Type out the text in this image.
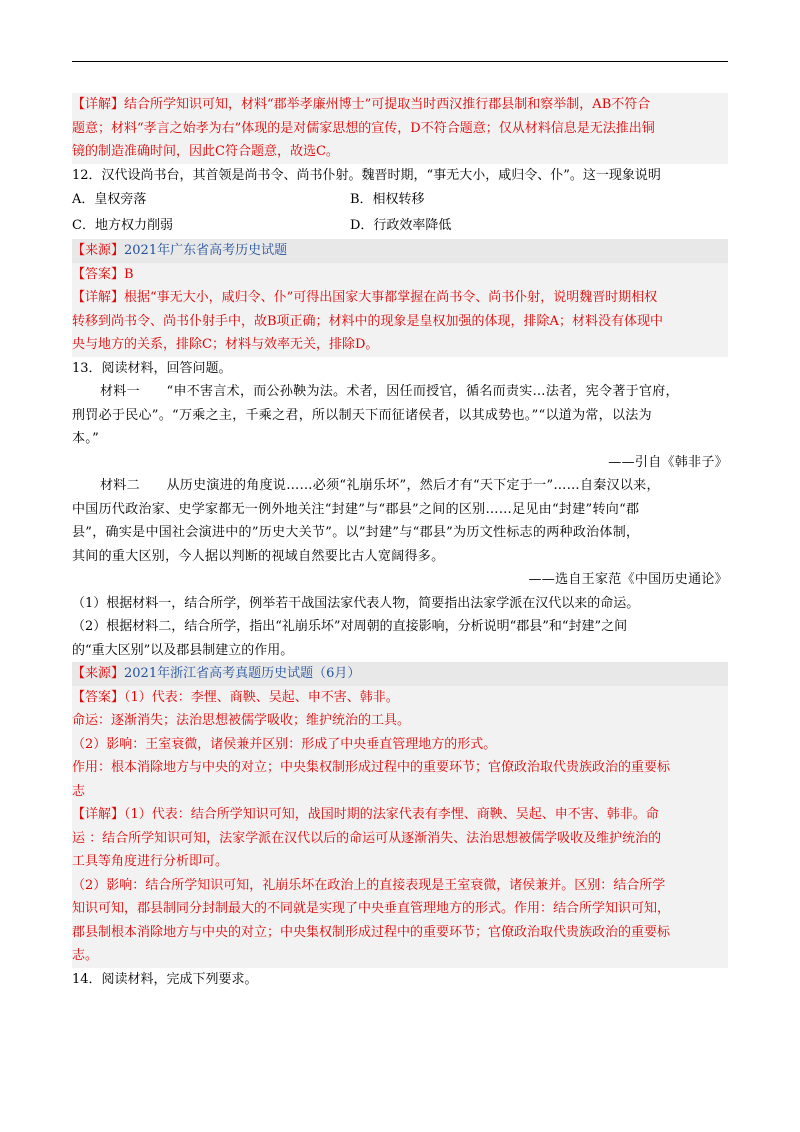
【详解】结合所学知识可知，材料“郡举孝廉州博士”可提取当时西汉推行郡县制和察举制，AB不符合
题意；材料“孝言之始孝为右”体现的是对儒家思想的宣传，D不符合题意；仅从材料信息是无法推出铜
镜的制造准确时间，因此C符合题意，故选C。
12．汉代设尚书台，其首领是尚书令、尚书仆射。魏晋时期，“事无大小，咸归令、仆”。这一现象说明
A．皇权旁落	B．相权转移
C．地方权力削弱	D．行政效率降低
【来源】2021年广东省高考历史试题
【答案】B
【详解】根据“事无大小，咸归令、仆”可得出国家大事都掌握在尚书令、尚书仆射，说明魏晋时期相权
转移到尚书令、尚书仆射手中，故B项正确；材料中的现象是皇权加强的体现，排除A；材料没有体现中
央与地方的关系，排除C；材料与效率无关，排除D。
13．阅读材料，回答问题。
材料一　　“申不害言术，而公孙鞅为法。术者，因任而授官，循名而责实…法者，宪令著于官府，
刑罚必于民心”。“万乘之主，千乘之君，所以制天下而征诸侯者，以其成势也。”“以道为常，以法为
本。”
——引自《韩非子》
材料二　　从历史演进的角度说……必须“礼崩乐坏”，然后才有“天下定于一”……自秦汉以来，
中国历代政治家、史学家都无一例外地关注“封建”与“郡县”之间的区别……足见由“封建”转向“郡
县”，确实是中国社会演进中的”历史大关节”。以”封建”与“郡县”为历文性标志的两种政治体制，
其间的重大区别，今人据以判断的视域自然要比古人宽阔得多。
——选自王家范《中国历史通论》
（1）根据材料一，结合所学，例举若干战国法家代表人物，简要指出法家学派在汉代以来的命运。
（2）根据材料二，结合所学，指出“礼崩乐坏”对周朝的直接影响，分析说明“郡县”和“封建”之间
的“重大区别”以及郡县制建立的作用。
【来源】2021年浙江省高考真题历史试题（6月）
【答案】（1）代表：李悝、商鞅、吴起、申不害、韩非。
命运：逐渐消失；法治思想被儒学吸收；维护统治的工具。
（2）影响：王室衰微，诸侯兼并区别：形成了中央垂直管理地方的形式。
作用：根本消除地方与中央的对立；中央集权制形成过程中的重要环节；官僚政治取代贵族政治的重要标
志
【详解】（1）代表：结合所学知识可知，战国时期的法家代表有李悝、商鞅、吴起、申不害、韩非。命
运 ：结合所学知识可知，法家学派在汉代以后的命运可从逐渐消失、法治思想被儒学吸收及维护统治的
工具等角度进行分析即可。
（2）影响：结合所学知识可知，礼崩乐坏在政治上的直接表现是王室衰微，诸侯兼并。区别：结合所学
知识可知，郡县制同分封制最大的不同就是实现了中央垂直管理地方的形式。作用：结合所学知识可知，
郡县制根本消除地方与中央的对立；中央集权制形成过程中的重要环节；官僚政治取代贵族政治的重要标
志。
14．阅读材料，完成下列要求。
